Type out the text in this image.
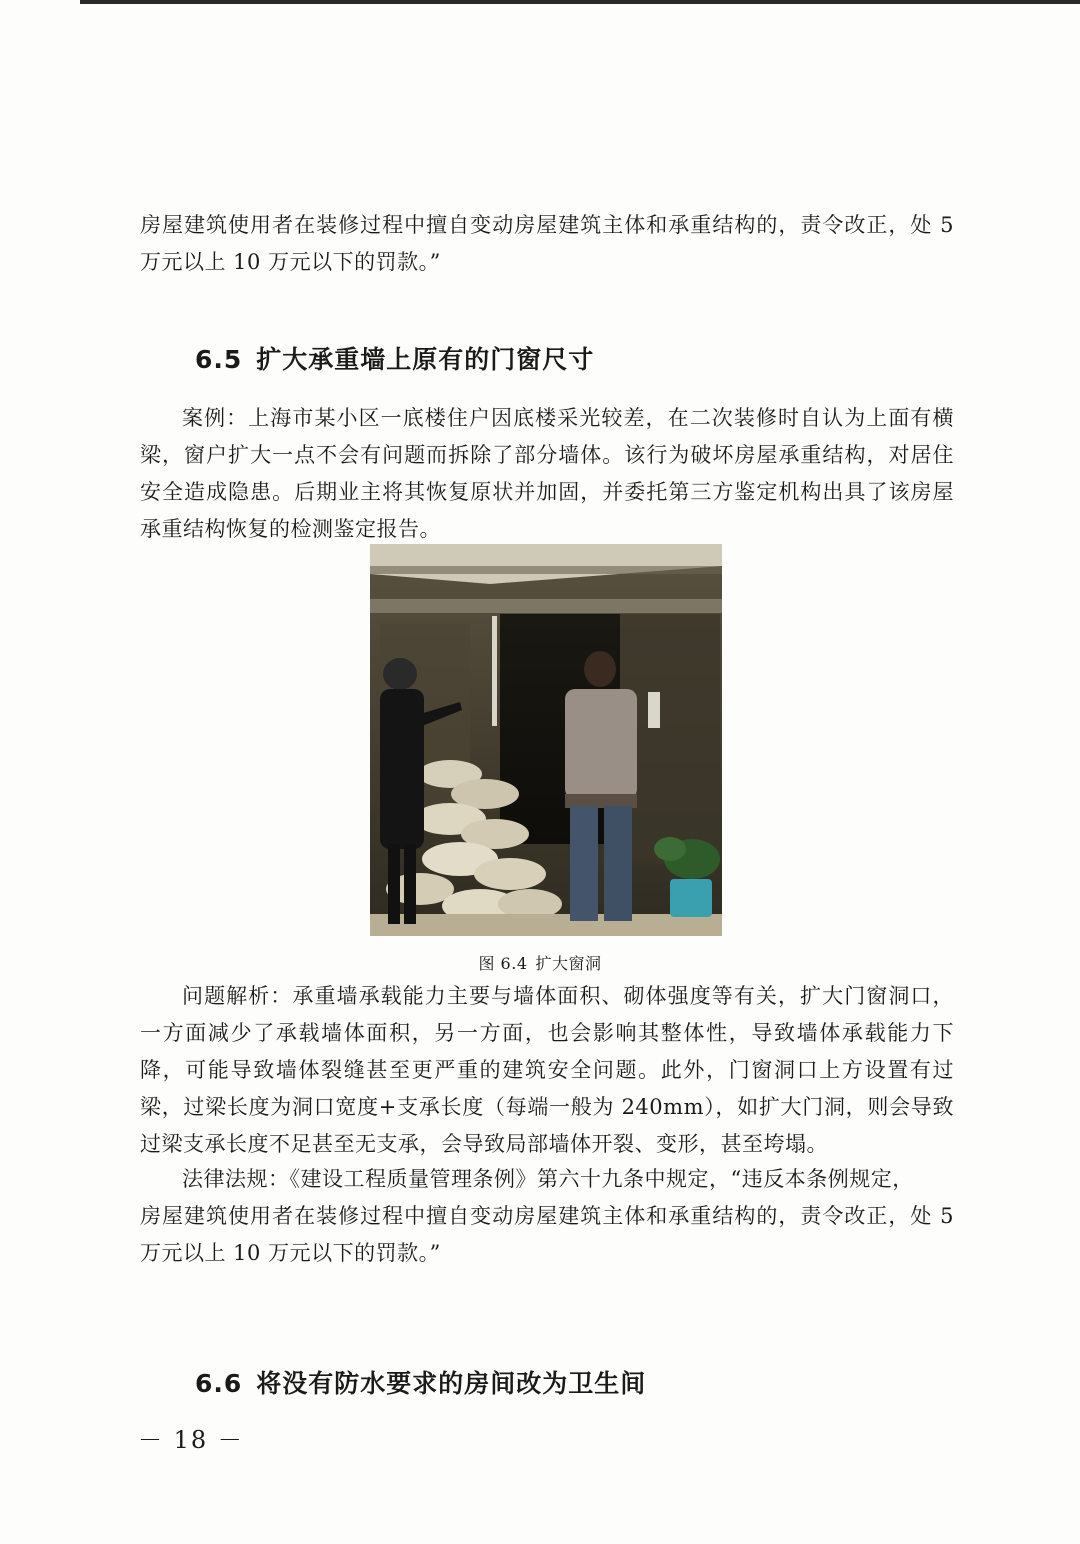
房屋建筑使用者在装修过程中擅自变动房屋建筑主体和承重结构的，责令改正，处 5 万元以上 10 万元以下的罚款。”

6.5 扩大承重墙上原有的门窗尺寸

案例：上海市某小区一底楼住户因底楼采光较差，在二次装修时自认为上面有横梁，窗户扩大一点不会有问题而拆除了部分墙体。该行为破坏房屋承重结构，对居住安全造成隐患。后期业主将其恢复原状并加固，并委托第三方鉴定机构出具了该房屋承重结构恢复的检测鉴定报告。

图 6.4 扩大窗洞

问题解析：承重墙承载能力主要与墙体面积、砌体强度等有关，扩大门窗洞口，一方面减少了承载墙体面积，另一方面，也会影响其整体性，导致墙体承载能力下降，可能导致墙体裂缝甚至更严重的建筑安全问题。此外，门窗洞口上方设置有过梁，过梁长度为洞口宽度+支承长度（每端一般为 240mm），如扩大门洞，则会导致过梁支承长度不足甚至无支承，会导致局部墙体开裂、变形，甚至垮塌。

法律法规：《建设工程质量管理条例》第六十九条中规定，“违反本条例规定，

房屋建筑使用者在装修过程中擅自变动房屋建筑主体和承重结构的，责令改正，处 5 万元以上 10 万元以下的罚款。”

6.6 将没有防水要求的房间改为卫生间

－ 18 －
